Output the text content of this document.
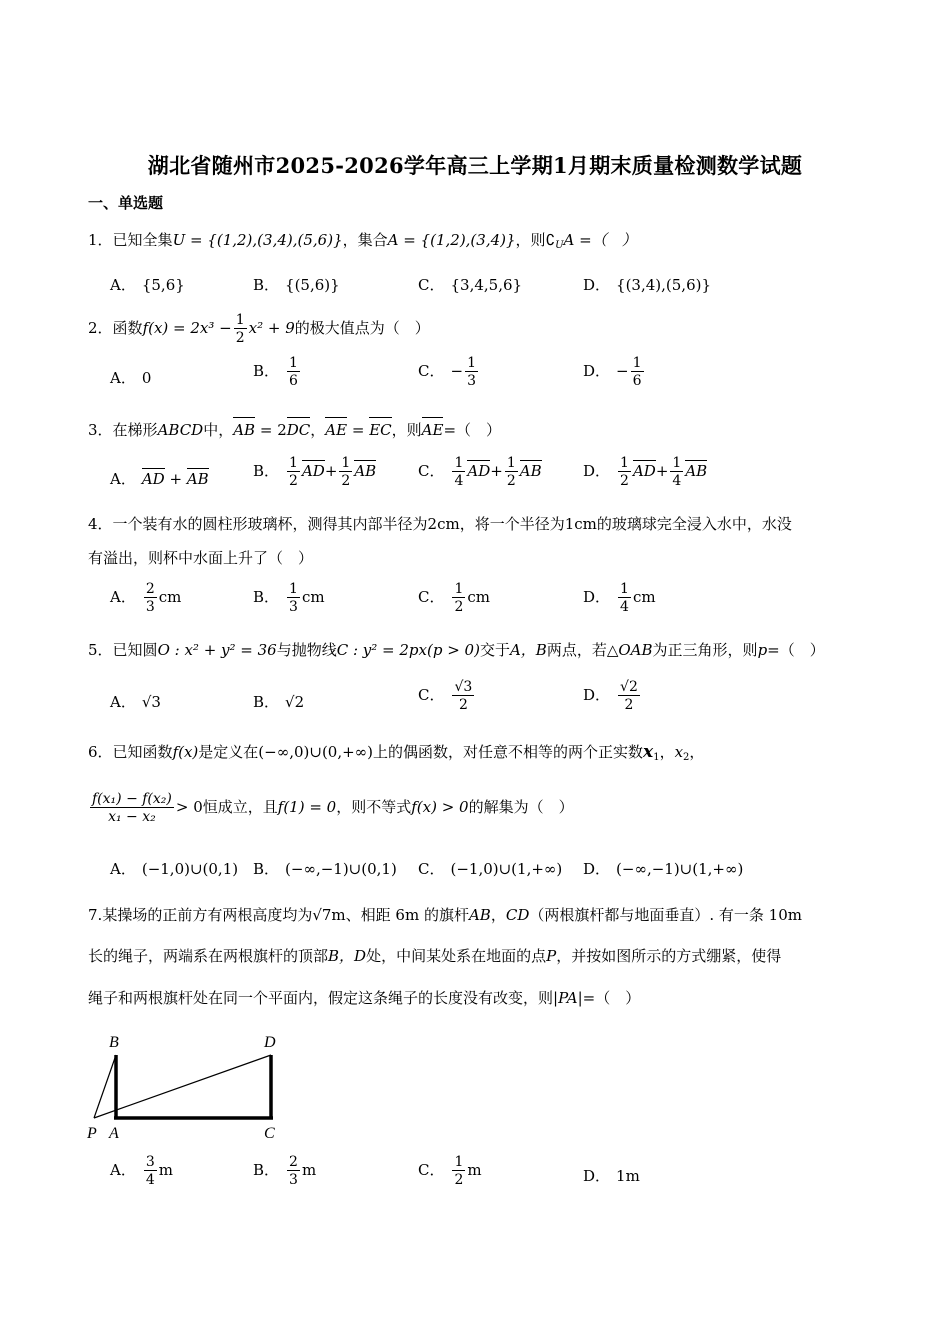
湖北省随州市2025-2026学年高三上学期1月期末质量检测数学试题
一、单选题
1．已知全集U = {(1,2),(3,4),(5,6)}，集合A = {(1,2),(3,4)}，则$∁_UA$ =（　）
A． {5,6}	B． {(5,6)}	C． {3,4,5,6}	D． {(3,4),(5,6)}
2．函数$f(x) = 2x^3 - \frac{1}{2} x^2 + 9$的极大值点为（　）
A． 0	B． $\frac{1}{6}$	C． − $\frac{1}{3}$	D． − $\frac{1}{6}$
3．在梯形ABCD中，AB = 2DC，AE = EC，则AE=（　）
A． AD + AB	B． $\frac{1}{2} AD+ \frac{1}{2}$ AB	C． $\frac{1}{4} AD+ \frac{1}{2}$ AB	D． $\frac{1}{2} AD+ \frac{1}{4}$ AB
4．一个装有水的圆柱形玻璃杯，测得其内部半径为2cm，将一个半径为1cm的玻璃球完全浸入水中，水没
有溢出，则杯中水面上升了（　）
A． $\frac{2}{3}$ cm	B． $\frac{1}{3}$ cm	C． $\frac{1}{2}$ cm	D． $\frac{1}{4}$ cm
5．已知圆O : x² + y² = 36与抛物线C : y² = 2px(p > 0)交于A，B两点，若△OAB为正三角形，则p=（　）
A． √3	B． √2	C． $\frac{√3}{2}$	D． $\frac{√2}{2}$
6．已知函数f(x)是定义在(−∞,0)∪(0,+∞)上的偶函数，对任意不相等的两个正实数$x_1$，$x_2$，
$\frac{\text{f(x₁) − f(x₂)}}{\text{x₁ − x₂}} > 0$恒成立，且f(1) = 0，则不等式f(x) > 0的解集为（　）
A． (−1,0)∪(0,1) B． (−∞,−1)∪(0,1) C． (−1,0)∪(1,+∞) D． (−∞,−1)∪(1,+∞)
7.某操场的正前方有两根高度均为√7m、相距 6m 的旗杆AB，CD（两根旗杆都与地面垂直）. 有一条 10m
长的绳子，两端系在两根旗杆的顶部B，D处，中间某处系在地面的点P，并按如图所示的方式绷紧，使得
绳子和两根旗杆处在同一个平面内，假定这条绳子的长度没有改变，则|PA|=（　）
B	D
P A	C
A． $\frac{3}{4}$ m	B． $\frac{2}{3}$ m	C． $\frac{1}{2}$ m	D． 1m
